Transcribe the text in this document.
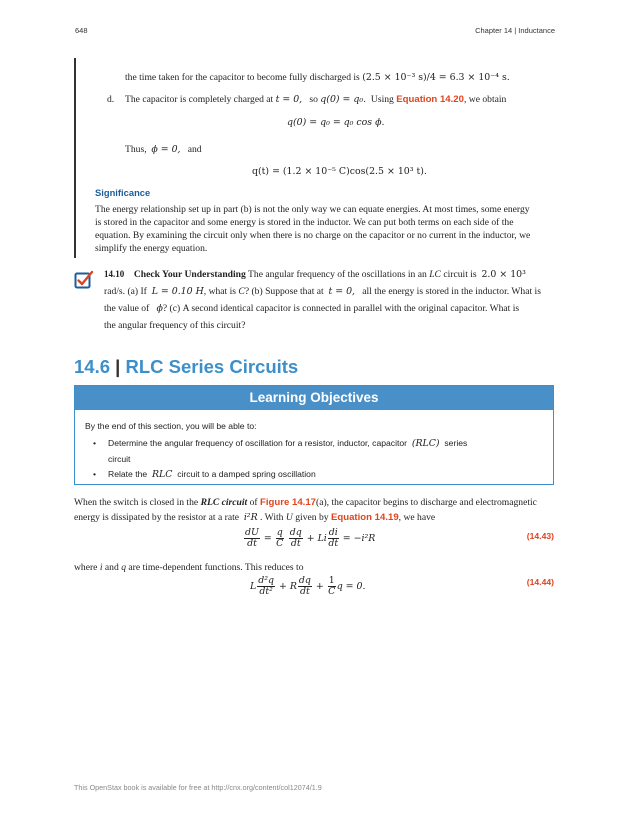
648	Chapter 14 | Inductance
the time taken for the capacitor to become fully discharged is (2.5 × 10⁻³ s)/4 = 6.3 × 10⁻⁴ s.
d. The capacitor is completely charged at t = 0, so q(0) = q₀. Using Equation 14.20, we obtain
q(0) = q₀ = q₀ cos ϕ.
Thus, ϕ = 0, and
q(t) = (1.2 × 10⁻⁵ C)cos(2.5 × 10³ t).
Significance
The energy relationship set up in part (b) is not the only way we can equate energies. At most times, some energy
is stored in the capacitor and some energy is stored in the inductor. We can put both terms on each side of the
equation. By examining the circuit only when there is no charge on the capacitor or no current in the inductor, we
simplify the energy equation.
14.10 Check Your Understanding The angular frequency of the oscillations in an LC circuit is 2.0 × 10³
rad/s. (a) If L = 0.10 H, what is C? (b) Suppose that at t = 0, all the energy is stored in the inductor. What is
the value of ϕ? (c) A second identical capacitor is connected in parallel with the original capacitor. What is
the angular frequency of this circuit?
14.6 | RLC Series Circuits
Learning Objectives
By the end of this section, you will be able to:
• Determine the angular frequency of oscillation for a resistor, inductor, capacitor (RLC) series
circuit
• Relate the RLC circuit to a damped spring oscillation
When the switch is closed in the RLC circuit of Figure 14.17(a), the capacitor begins to discharge and electromagnetic
energy is dissipated by the resistor at a rate i²R . With U given by Equation 14.19, we have
$\frac{dU}{dt} = \frac{q}{C}$
$\frac{dq}{dt} + Li \frac{di}{dt} = -i^2R$	(14.43)
where i and q are time-dependent functions. This reduces to
L $\frac{\text{d²q}}{\text{dt²}} + R \frac{dq}{dt} + \frac{1}{C}$ q = 0.	(14.44)
This OpenStax book is available for free at http://cnx.org/content/col12074/1.9
